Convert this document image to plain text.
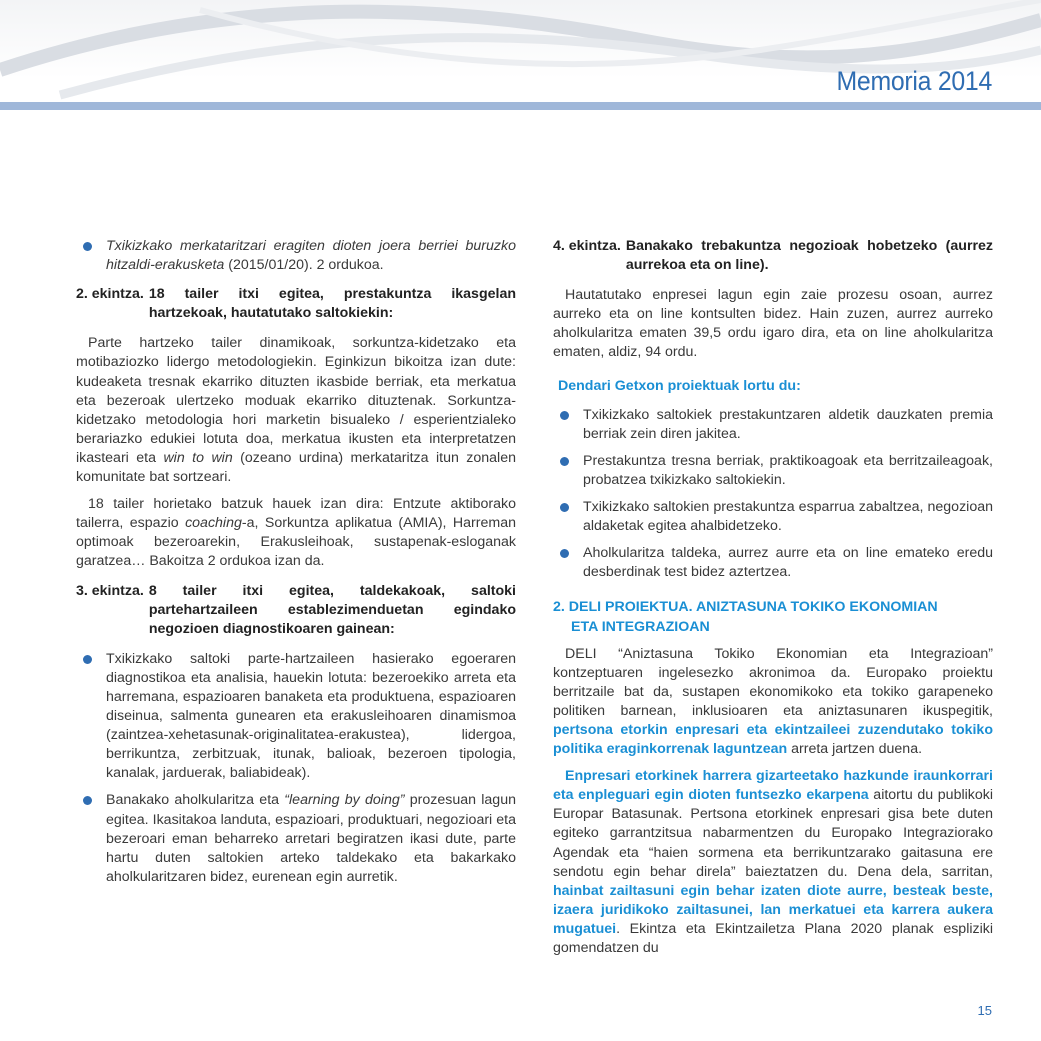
Memoria 2014
Txikizkako merkataritzari eragiten dioten joera berriei buruzko hitzaldi-erakusketa (2015/01/20). 2 ordukoa.
2. ekintza. 18 tailer itxi egitea, prestakuntza ikasgelan hartzekoak, hautatutako saltokiekin:

Parte hartzeko tailer dinamikoak, sorkuntza-kidetzako eta motibaziozko lidergo metodologiekin. Eginkizun bikoitza izan dute: kudeaketa tresnak ekarriko dituzten ikasbide berriak, eta merkatua eta bezeroak ulertzeko moduak ekarriko dituztenak. Sorkuntza-kidetzako metodologia hori marketin bisualeko / esperientzialeko berariazko edukiei lotuta doa, merkatua ikusten eta interpretatzen ikasteari eta win to win (ozeano urdina) merkataritza itun zonalen komunitate bat sortzeari.

18 tailer horietako batzuk hauek izan dira: Entzute aktiborako tailerra, espazio coaching-a, Sorkuntza aplikatua (AMIA), Harreman optimoak bezeroarekin, Erakusleihoak, sustapenak-esloganak garatzea… Bakoitza 2 ordukoa izan da.

3. ekintza. 8 tailer itxi egitea, taldekakoak, saltoki partehartzaileen establezimenduetan egindako negozioen diagnostikoaren gainean:
Txikizkako saltoki parte-hartzaileen hasierako egoeraren diagnostikoa eta analisia, hauekin lotuta: bezeroekiko arreta eta harremana, espazioaren banaketa eta produktuena, espazioaren diseinua, salmenta gunearen eta erakusleihoaren dinamismoa (zaintzea-xehetasunak-originalitatea-erakustea), lidergoa, berrikuntza, zerbitzuak, itunak, balioak, bezeroen tipologia, kanalak, jarduerak, baliabideak).
Banakako aholkularitza eta “learning by doing” prozesuan lagun egitea. Ikasitakoa landuta, espazioari, produktuari, negozioari eta bezeroari eman beharreko arretari begiratzen ikasi dute, parte hartu duten saltokien arteko taldekako eta bakarkako aholkularitzaren bidez, eurenean egin aurretik.
4. ekintza. Banakako trebakuntza negozioak hobetzeko (aurrez aurrekoa eta on line).

Hautatutako enpresei lagun egin zaie prozesu osoan, aurrez aurreko eta on line kontsulten bidez. Hain zuzen, aurrez aurreko aholkularitza ematen 39,5 ordu igaro dira, eta on line aholkularitza ematen, aldiz, 94 ordu.

Dendari Getxon proiektuak lortu du:
Txikizkako saltokiek prestakuntzaren aldetik dauzkaten premia berriak zein diren jakitea.
Prestakuntza tresna berriak, praktikoagoak eta berritzaileagoak, probatzea txikizkako saltokiekin.
Txikizkako saltokien prestakuntza esparrua zabaltzea, negozioan aldaketak egitea ahalbidetzeko.
Aholkularitza taldeka, aurrez aurre eta on line emateko eredu desberdinak test bidez aztertzea.
2. DELI PROIEKTUA. ANIZTASUNA TOKIKO EKONOMIAN
ETA INTEGRAZIOAN

DELI “Aniztasuna Tokiko Ekonomian eta Integrazioan” kontzeptuaren ingelesezko akronimoa da. Europako proiektu berritzaile bat da, sustapen ekonomikoko eta tokiko garapeneko politiken barnean, inklusioaren eta aniztasunaren ikuspegitik, pertsona etorkin enpresari eta ekintzaileei zuzendutako tokiko politika eraginkorrenak laguntzean arreta jartzen duena.

Enpresari etorkinek harrera gizarteetako hazkunde iraunkorrari eta enpleguari egin dioten funtsezko ekarpena aitortu du publikoki Europar Batasunak. Pertsona etorkinek enpresari gisa bete duten egiteko garrantzitsua nabarmentzen du Europako Integraziorako Agendak eta “haien sormena eta berrikuntzarako gaitasuna ere sendotu egin behar direla” baieztatzen du. Dena dela, sarritan, hainbat zailtasuni egin behar izaten diote aurre, besteak beste, izaera juridikoko zailtasunei, lan merkatuei eta karrera aukera mugatuei. Ekintza eta Ekintzailetza Plana 2020 planak espliziki gomendatzen du

15
